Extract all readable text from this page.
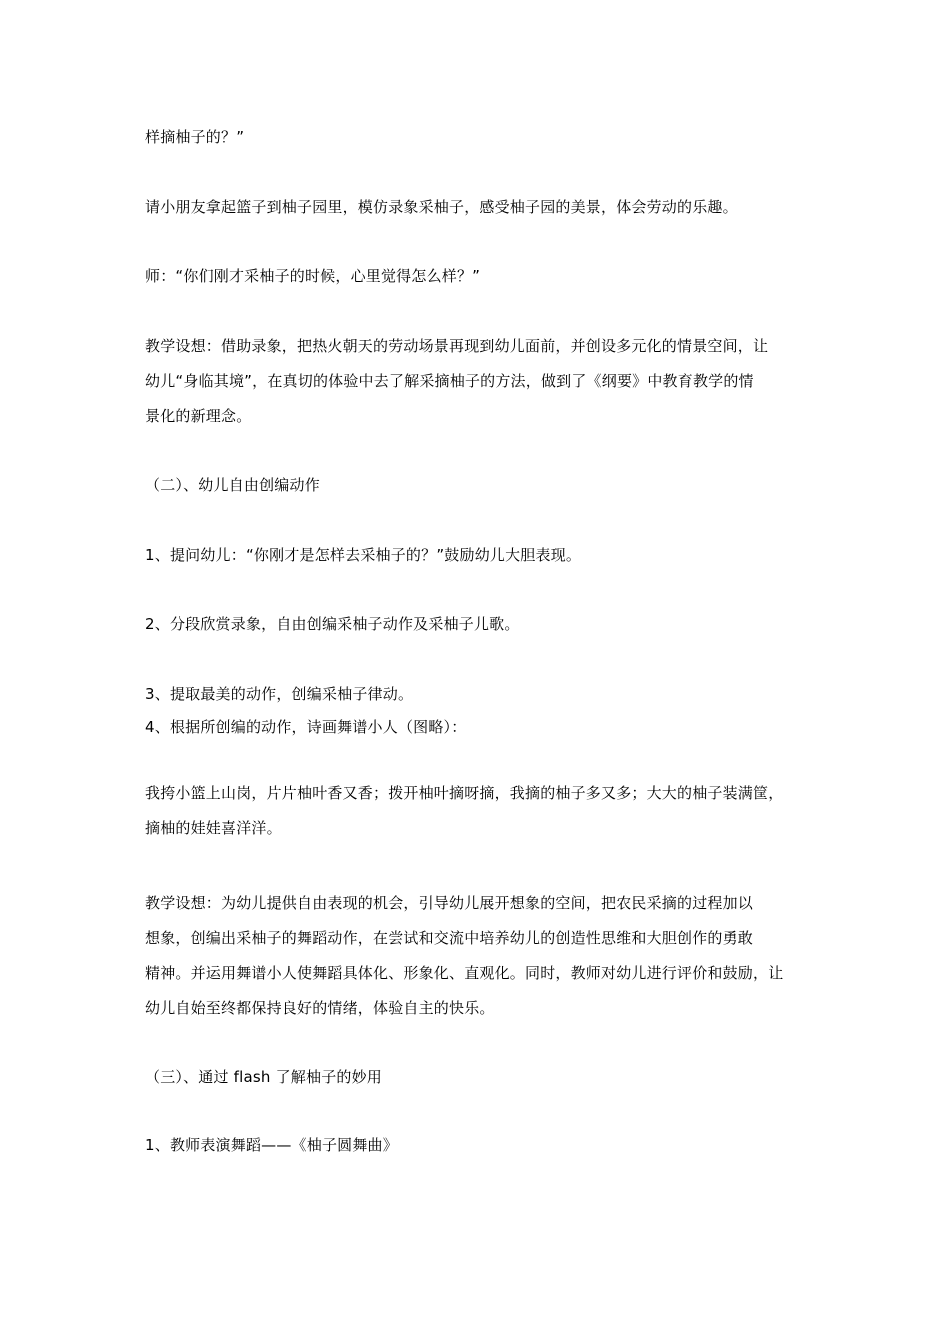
样摘柚子的？”
请小朋友拿起篮子到柚子园里，模仿录象采柚子，感受柚子园的美景，体会劳动的乐趣。
师：“你们刚才采柚子的时候，心里觉得怎么样？”
教学设想：借助录象，把热火朝天的劳动场景再现到幼儿面前，并创设多元化的情景空间，让
幼儿“身临其境”，在真切的体验中去了解采摘柚子的方法，做到了《纲要》中教育教学的情
景化的新理念。
（二）、幼儿自由创编动作
1、提问幼儿：“你刚才是怎样去采柚子的？”鼓励幼儿大胆表现。
2、分段欣赏录象，自由创编采柚子动作及采柚子儿歌。
3、提取最美的动作，创编采柚子律动。
4、根据所创编的动作，诗画舞谱小人（图略）：
我挎小篮上山岗，片片柚叶香又香；拨开柚叶摘呀摘，我摘的柚子多又多；大大的柚子装满筐，
摘柚的娃娃喜洋洋。
教学设想：为幼儿提供自由表现的机会，引导幼儿展开想象的空间，把农民采摘的过程加以
想象，创编出采柚子的舞蹈动作，在尝试和交流中培养幼儿的创造性思维和大胆创作的勇敢
精神。并运用舞谱小人使舞蹈具体化、形象化、直观化。同时，教师对幼儿进行评价和鼓励，让
幼儿自始至终都保持良好的情绪，体验自主的快乐。
（三）、通过 flash 了解柚子的妙用
1、教师表演舞蹈——《柚子圆舞曲》
